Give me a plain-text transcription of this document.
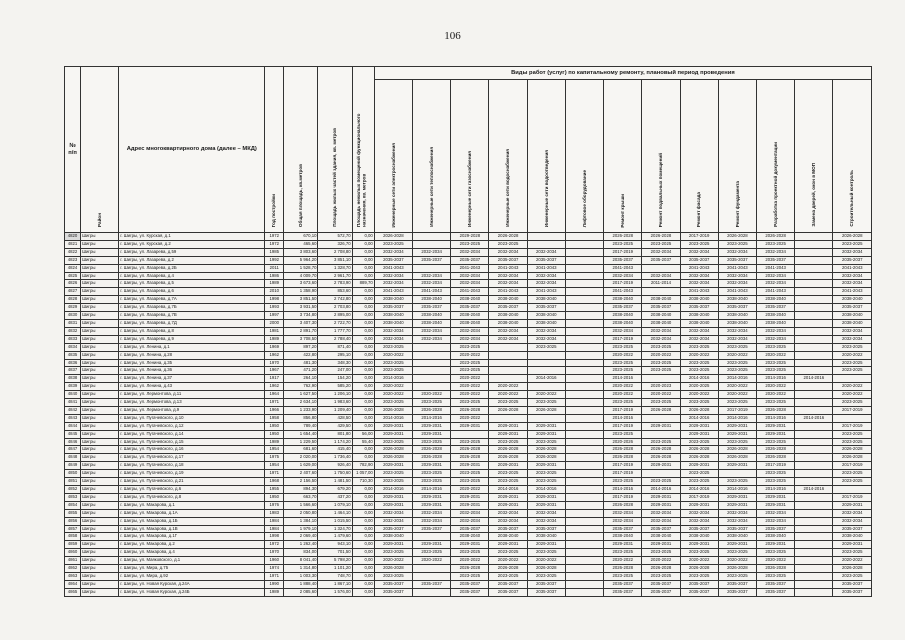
106
№
п/п	Район	Адрес многоквартирного дома (далее – МКД)	Год постройки	Общая площадь, кв.метров	Площадь жилых частей здания, кв. метров	Площадь нежилых помещений функционального назначения, кв. метров	Виды работ (услуг) по капитальному ремонту, плановый период проведения												
							Инженерные сети электроснабжения	Инженерные сети теплоснабжения	Инженерные сети газоснабжения	Инженерные сети водоснабжения	Инженерные сети водоотведения	Лифтовое оборудование	Ремонт крыши	Ремонт подвальных помещений	Ремонт фасада	Ремонт фундамента	Разработка проектной документации	Замена дверей, окон в МОП	Строительный контроль
4820	Шигры	г. Шигры, ул. Курская, д.1	1972	670,10	572,70	0,00	2026-2028		2029-2028	2026-2028			2026-2028	2026-2028	2017-2019	2026-2028	2026-2028		2026-2028
4821	Шигры	г. Шигры, ул. Курская, д.2	1972	465,60	326,70	0,00	2023-2025		2023-2025	2023-2025			2023-2025	2023-2025	2023-2025	2023-2025	2023-2025		2023-2025
4822	Шигры	г. Шигры, ул. Лазарева, д.59	1985	3 803,60	2 708,80	0,00	2032-2034	2032-2034	2032-2034	2032-2034	2032-2034		2017-2019	2032-2034	2032-2034	2032-2034	2032-2034		2032-2034
4823	Шигры	г. Шигры, ул. Лазарева, д.2	1992	5 964,20	3 851,10	0,00	2035-2037	2035-2037	2035-2037	2035-2037	2035-2037		2035-2037	2035-2037	2035-2037	2035-2037	2035-2037		2035-2037
4824	Шигры	г. Шигры, ул. Лазарева, д.2Б	2011	1 528,70	1 328,70	0,00	2041-2043		2041-2043	2041-2043	2041-2043		2041-2043		2041-2043	2041-2043	2041-2043		2041-2043
4825	Шигры	г. Шигры, ул. Лазарева, д.4	1986	4 009,70	2 961,70	0,00	2032-2034	2032-2034	2032-2034	2032-2034	2032-2034		2032-2034	2032-2034	2032-2034	2032-2034	2032-2034		2032-2034
4826	Шигры	г. Шигры, ул. Лазарева, д.5	1989	3 673,60	2 783,90	889,70	2032-2034	2032-2034	2032-2034	2032-2034	2032-2034		2017-2019	2011-2014	2032-2034	2032-2034	2032-2034		2032-2034
4827	Шигры	г. Шигры, ул. Лазарева, д.6	2010	1 358,90	853,60	0,00	2041-2043	2041-2043	2041-2043	2041-2043	2041-2043		2041-2043		2041-2043	2041-2043	2041-2043		2041-2043
4828	Шигры	г. Шигры, ул. Лазарева, д.7А	1998	3 851,50	2 742,80	0,00	2038-2040	2038-2040	2038-2040	2038-2040	2038-2040		2038-2040	2038-2040	2038-2040	2038-2040	2038-2040		2038-2040
4829	Шигры	г. Шигры, ул. Лазарева, д.7Б	1993	3 931,50	2 703,80	0,00	2035-2037	2035-2037	2035-2037	2035-2037	2035-2037		2035-2037	2035-2037	2035-2037	2035-2037	2035-2037		2035-2037
4830	Шигры	г. Шигры, ул. Лазарева, д.7В	1997	3 734,80	2 895,00	0,00	2038-2040	2038-2040	2038-2040	2038-2040	2038-2040		2038-2040	2038-2040	2038-2040	2038-2040	2038-2040		2038-2040
4831	Шигры	г. Шигры, ул. Лазарева, д.7Д	2000	3 407,30	2 722,70	0,00	2038-2040	2038-2040	2038-2040	2038-2040	2038-2040		2038-2040	2038-2040	2038-2040	2038-2040	2038-2040		2038-2040
4832	Шигры	г. Шигры, ул. Лазарева, д.8	1981	2 891,70	1 777,70	0,00	2032-2034	2032-2034	2032-2034	2032-2034	2032-2034		2032-2034	2032-2034	2032-2034	2032-2034	2032-2034		2032-2034
4833	Шигры	г. Шигры, ул. Лазарева, д.9	1989	3 708,50	2 788,40	0,00	2032-2034	2032-2034	2032-2034	2032-2034	2032-2034		2017-2019	2032-2034	2032-2034	2032-2034	2032-2034		2032-2034
4834	Шигры	г. Шигры, ул. Ленина, д.1	1969	897,20	871,40	0,00	2023-2025		2023-2025		2023-2025		2023-2025	2023-2025	2023-2025	2023-2025	2023-2025		2023-2025
4835	Шигры	г. Шигры, ул. Ленина, д.28	1962	422,80	295,10	0,00	2020-2022		2020-2022				2020-2022	2020-2022	2020-2022	2020-2022	2020-2022		2020-2022
4836	Шигры	г. Шигры, ул. Ленина, д.35	1970	481,30	348,30	0,00	2023-2025		2023-2025				2023-2025	2023-2025	2023-2025	2023-2025	2023-2025		2023-2025
4837	Шигры	г. Шигры, ул. Ленина, д.36	1967	471,20	247,00	0,00	2023-2025		2023-2025				2023-2025	2023-2025	2023-2025	2023-2025	2023-2025		2023-2025
4838	Шигры	г. Шигры, ул. Ленина, д.37	1917	264,10	154,20	0,00	2014-2016		2020-2022		2014-2016		2014-2016		2014-2016	2014-2016	2014-2016	2014-2016	
4839	Шигры	г. Шигры, ул. Ленина, д.43	1962	762,90	585,20	0,00	2020-2022		2020-2022	2020-2022			2020-2022	2020-2023	2020-2025	2020-2022	2020-2022		2020-2022
4840	Шигры	г. Шигры, ул. Лермонтова, д.11	1964	1 627,50	1 206,10	0,00	2020-2022	2020-2022	2020-2022	2020-2022	2020-2022		2020-2022	2020-2022	2020-2022	2020-2022	2020-2022		2020-2022
4841	Шигры	г. Шигры, ул. Лермонтова, д.13	1971	2 634,10	1 983,60	0,00	2023-2025	2023-2025	2023-2025	2023-2025	2023-2025		2023-2025	2023-2025	2023-2025	2023-2025	2023-2025		2023-2025
4842	Шигры	г. Шигры, ул. Лермонтова, д.9	1966	1 233,90	1 209,40	0,00	2026-2028	2026-2028	2026-2028	2026-2028	2026-2028		2017-2019	2026-2028	2026-2028	2017-2019	2026-2028		2017-2019
4843	Шигры	г. Шигры, ул. Пугачевского, д.10	1958	856,80	428,50	0,00	2014-2016	2014-2016	2020-2022				2014-2016		2014-2016	2014-2016	2014-2016	2014-2016	
4844	Шигры	г. Шигры, ул. Пугачевского, д.12	1950	789,40	429,50	0,00	2029-2031	2029-2031	2029-2031	2029-2031	2029-2031		2017-2019	2029-2031	2029-2031	2029-2031	2029-2031		2017-2019
4845	Шигры	г. Шигры, ул. Пугачевского, д.14	1950	1 654,40	801,80	56,00	2029-2031	2029-2031		2029-2031	2029-2031		2023-2025		2029-2031	2029-2031	2029-2031		2023-2025
4846	Шигры	г. Шигры, ул. Пугачевского, д.15	1989	1 229,50	1 174,20	55,40	2023-2025	2023-2025	2023-2025	2023-2025	2023-2025		2020-2026	2023-2025	2023-2025	2023-2025	2023-2025		2023-2025
4847	Шигры	г. Шигры, ул. Пугачевского, д.16	1954	681,60	415,40	0,00	2026-2028	2026-2028	2026-2028	2026-2028	2026-2028		2026-2028	2026-2028	2026-2028	2026-2028	2026-2028		2026-2028
4848	Шигры	г. Шигры, ул. Пугачевского, д.17	1975	2 020,00	1 736,40	0,00	2026-2028	2026-2028	2026-2028	2026-2028	2026-2028		2026-2028	2026-2028	2026-2028	2026-2028	2026-2028		2026-2028
4849	Шигры	г. Шигры, ул. Пугачевского, д.18	1954	1 629,00	926,40	782,90	2029-2031	2029-2031	2029-2031	2029-2031	2029-2031		2017-2019	2029-2031	2029-2031	2029-2031	2017-2019		2017-2019
4850	Шигры	г. Шигры, ул. Пугачевского, д.19	1971	2 407,60	1 750,60	1 057,00	2023-2025	2023-2025	2023-2025	2023-2025	2023-2025		2017-2019		2023-2025		2023-2025		2023-2025
4851	Шигры	г. Шигры, ул. Пугачевского, д.21	1968	2 156,50	1 481,50	710,30	2023-2025	2023-2025	2023-2025	2023-2025	2023-2025		2023-2025	2023-2025	2023-2025	2023-2025	2023-2025		2023-2025
4852	Шигры	г. Шигры, ул. Пугачевского, д.6	1955	894,30	679,20	0,00	2014-2016	2014-2016	2020-2022	2014-2016	2014-2016		2014-2016	2014-2016	2014-2016	2014-2016	2014-2016	2014-2016	
4853	Шигры	г. Шигры, ул. Пугачевского, д.8	1950	663,70	437,20	0,00	2029-2031	2029-2031	2029-2031	2029-2031	2029-2031		2017-2019	2029-2031	2017-2019	2029-2031	2029-2031		2017-2019
4854	Шигры	г. Шигры, ул. Макарова, д.1	1976	1 566,60	1 079,10	0,00	2029-2031	2029-2031	2029-2031	2029-2031	2029-2031		2026-2028	2029-2031	2029-2031	2029-2031	2029-2031		2029-2031
4855	Шигры	г. Шигры, ул. Макарова, д.1А	1983	2 050,80	1 464,10	0,00	2032-2034	2032-2034	2032-2034	2032-2034	2032-2034		2032-2034	2032-2034	2032-2034	2032-2034	2032-2034		2032-2034
4856	Шигры	г. Шигры, ул. Макарова, д.1Б	1984	1 384,10	1 015,50	0,00	2032-2034	2032-2034	2032-2034	2032-2034	2032-2034		2032-2034	2032-2034	2032-2034	2032-2034	2032-2034		2032-2034
4857	Шигры	г. Шигры, ул. Макарова, д.1В	1984	1 979,10	1 324,70	0,00	2035-2037	2035-2037	2035-2037	2035-2037	2035-2037		2035-2037	2035-2037	2035-2037	2035-2037	2035-2037		2035-2037
4858	Шигры	г. Шигры, ул. Макарова, д.1Г	1998	2 069,40	1 479,60	0,00	2038-2040		2038-2040	2038-2040	2038-2040		2038-2040	2038-2040	2038-2040	2038-2040	2038-2040		2038-2040
4859	Шигры	г. Шигры, ул. Макарова, д.2	1972	1 262,40	943,10	0,00	2029-2031	2029-2031	2029-2031	2029-2031	2029-2031		2029-2031	2029-2031	2029-2031	2029-2031	2029-2031		2029-2031
4860	Шигры	г. Шигры, ул. Макарова, д.4	1970	834,00	701,50	0,00	2023-2025	2023-2025	2023-2025	2023-2025	2023-2025		2023-2025	2023-2025	2023-2025	2023-2025	2023-2025		2023-2025
4861	Шигры	г. Шигры, ул. Маяковского, д.1	1960	8 041,40	5 798,20	0,00	2020-2022	2020-2022	2020-2022	2020-2022	2020-2022		2020-2022	2020-2022	2020-2022	2020-2022	2020-2022		2020-2022
4862	Шигры	г. Шигры, ул. Мира, д.75	1974	1 314,80	1 101,20	0,00	2026-2028		2026-2028	2026-2028	2026-2028		2026-2028	2026-2028	2026-2028	2026-2028	2026-2028		2026-2028
4863	Шигры	г. Шигры, ул. Мира, д.92	1971	1 003,30	748,70	0,00	2023-2025		2023-2025	2023-2025	2023-2025		2023-2025	2023-2025	2023-2025	2023-2025	2023-2025		2023-2025
4864	Шигры	г. Шигры, ул. Новая Курская, д.24А	1990	1 888,40	1 867,10	0,00	2035-2037	2035-2037	2035-2037	2035-2037	2035-2037		2035-2037	2035-2037	2035-2037	2035-2037	2035-2037		2035-2037
4865	Шигры	г. Шигры, ул. Новая Курская, д.24Б	1989	2 085,60	1 576,00	0,00	2035-2037		2035-2037	2035-2037	2035-2037		2035-2037	2035-2037	2035-2037	2035-2037	2035-2037		2035-2037
